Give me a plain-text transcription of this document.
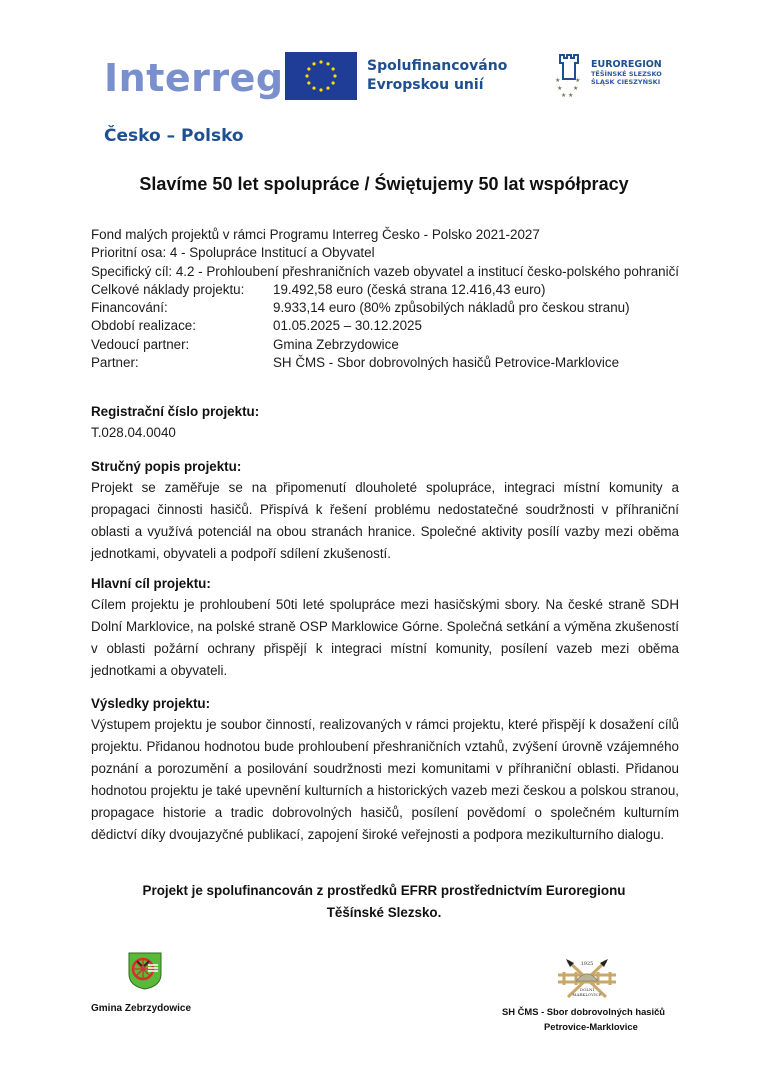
Interreg
Česko – Polsko
Spolufinancováno
Evropskou unií	★ ★
★ ★
★ ★
EUROREGION
TĚŠÍNSKÉ SLEZSKO
ŚLĄSK CIESZYŃSKI
Slavíme 50 let spolupráce / Świętujemy 50 lat współpracy
Fond malých projektů v rámci Programu Interreg Česko - Polsko 2021-2027
Prioritní osa: 4 - Spolupráce Institucí a Obyvatel
Specifický cíl: 4.2 - Prohloubení přeshraničních vazeb obyvatel a institucí česko-polského pohraničí
Celkové náklady projektu:	19.492,58 euro (česká strana 12.416,43 euro)
Financování:	9.933,14 euro (80% způsobilých nákladů pro českou stranu)
Období realizace:	01.05.2025 – 30.12.2025
Vedoucí partner:	Gmina Zebrzydowice
Partner:	SH ČMS - Sbor dobrovolných hasičů Petrovice-Marklovice
Registrační číslo projektu:

T.028.04.0040

Stručný popis projektu:

Projekt se zaměřuje se na připomenutí dlouholeté spolupráce, integraci místní komunity a propagaci činnosti hasičů. Přispívá k řešení problému nedostatečné soudržnosti v příhraniční oblasti a využívá potenciál na obou stranách hranice. Společné aktivity posílí vazby mezi oběma jednotkami, obyvateli a podpoří sdílení zkušeností.

Hlavní cíl projektu:

Cílem projektu je prohloubení 50ti leté spolupráce mezi hasičskými sbory. Na české straně SDH Dolní Marklovice, na polské straně OSP Marklowice Górne. Společná setkání a výměna zkušeností v oblasti požární ochrany přispějí k integraci místní komunity, posílení vazeb mezi oběma jednotkami a obyvateli.

Výsledky projektu:

Výstupem projektu je soubor činností, realizovaných v rámci projektu, které přispějí k dosažení cílů projektu. Přidanou hodnotou bude prohloubení přeshraničních vztahů, zvýšení úrovně vzájemného poznání a porozumění a posilování soudržnosti mezi komunitami v příhraniční oblasti. Přidanou hodnotou projektu je také upevnění kulturních a historických vazeb mezi českou a polskou stranou, propagace historie a tradic dobrovolných hasičů, posílení povědomí o společném kulturním dědictví díky dvoujazyčné publikací, zapojení široké veřejnosti a podpora mezikulturního dialogu.

Projekt je spolufinancován z prostředků EFRR prostřednictvím Euroregionu
Těšínské Slezsko.
Gmina Zebrzydowice
1925
DOLNÍ
MARKLOVICE
SH ČMS - Sbor dobrovolných hasičů
Petrovice-Marklovice
